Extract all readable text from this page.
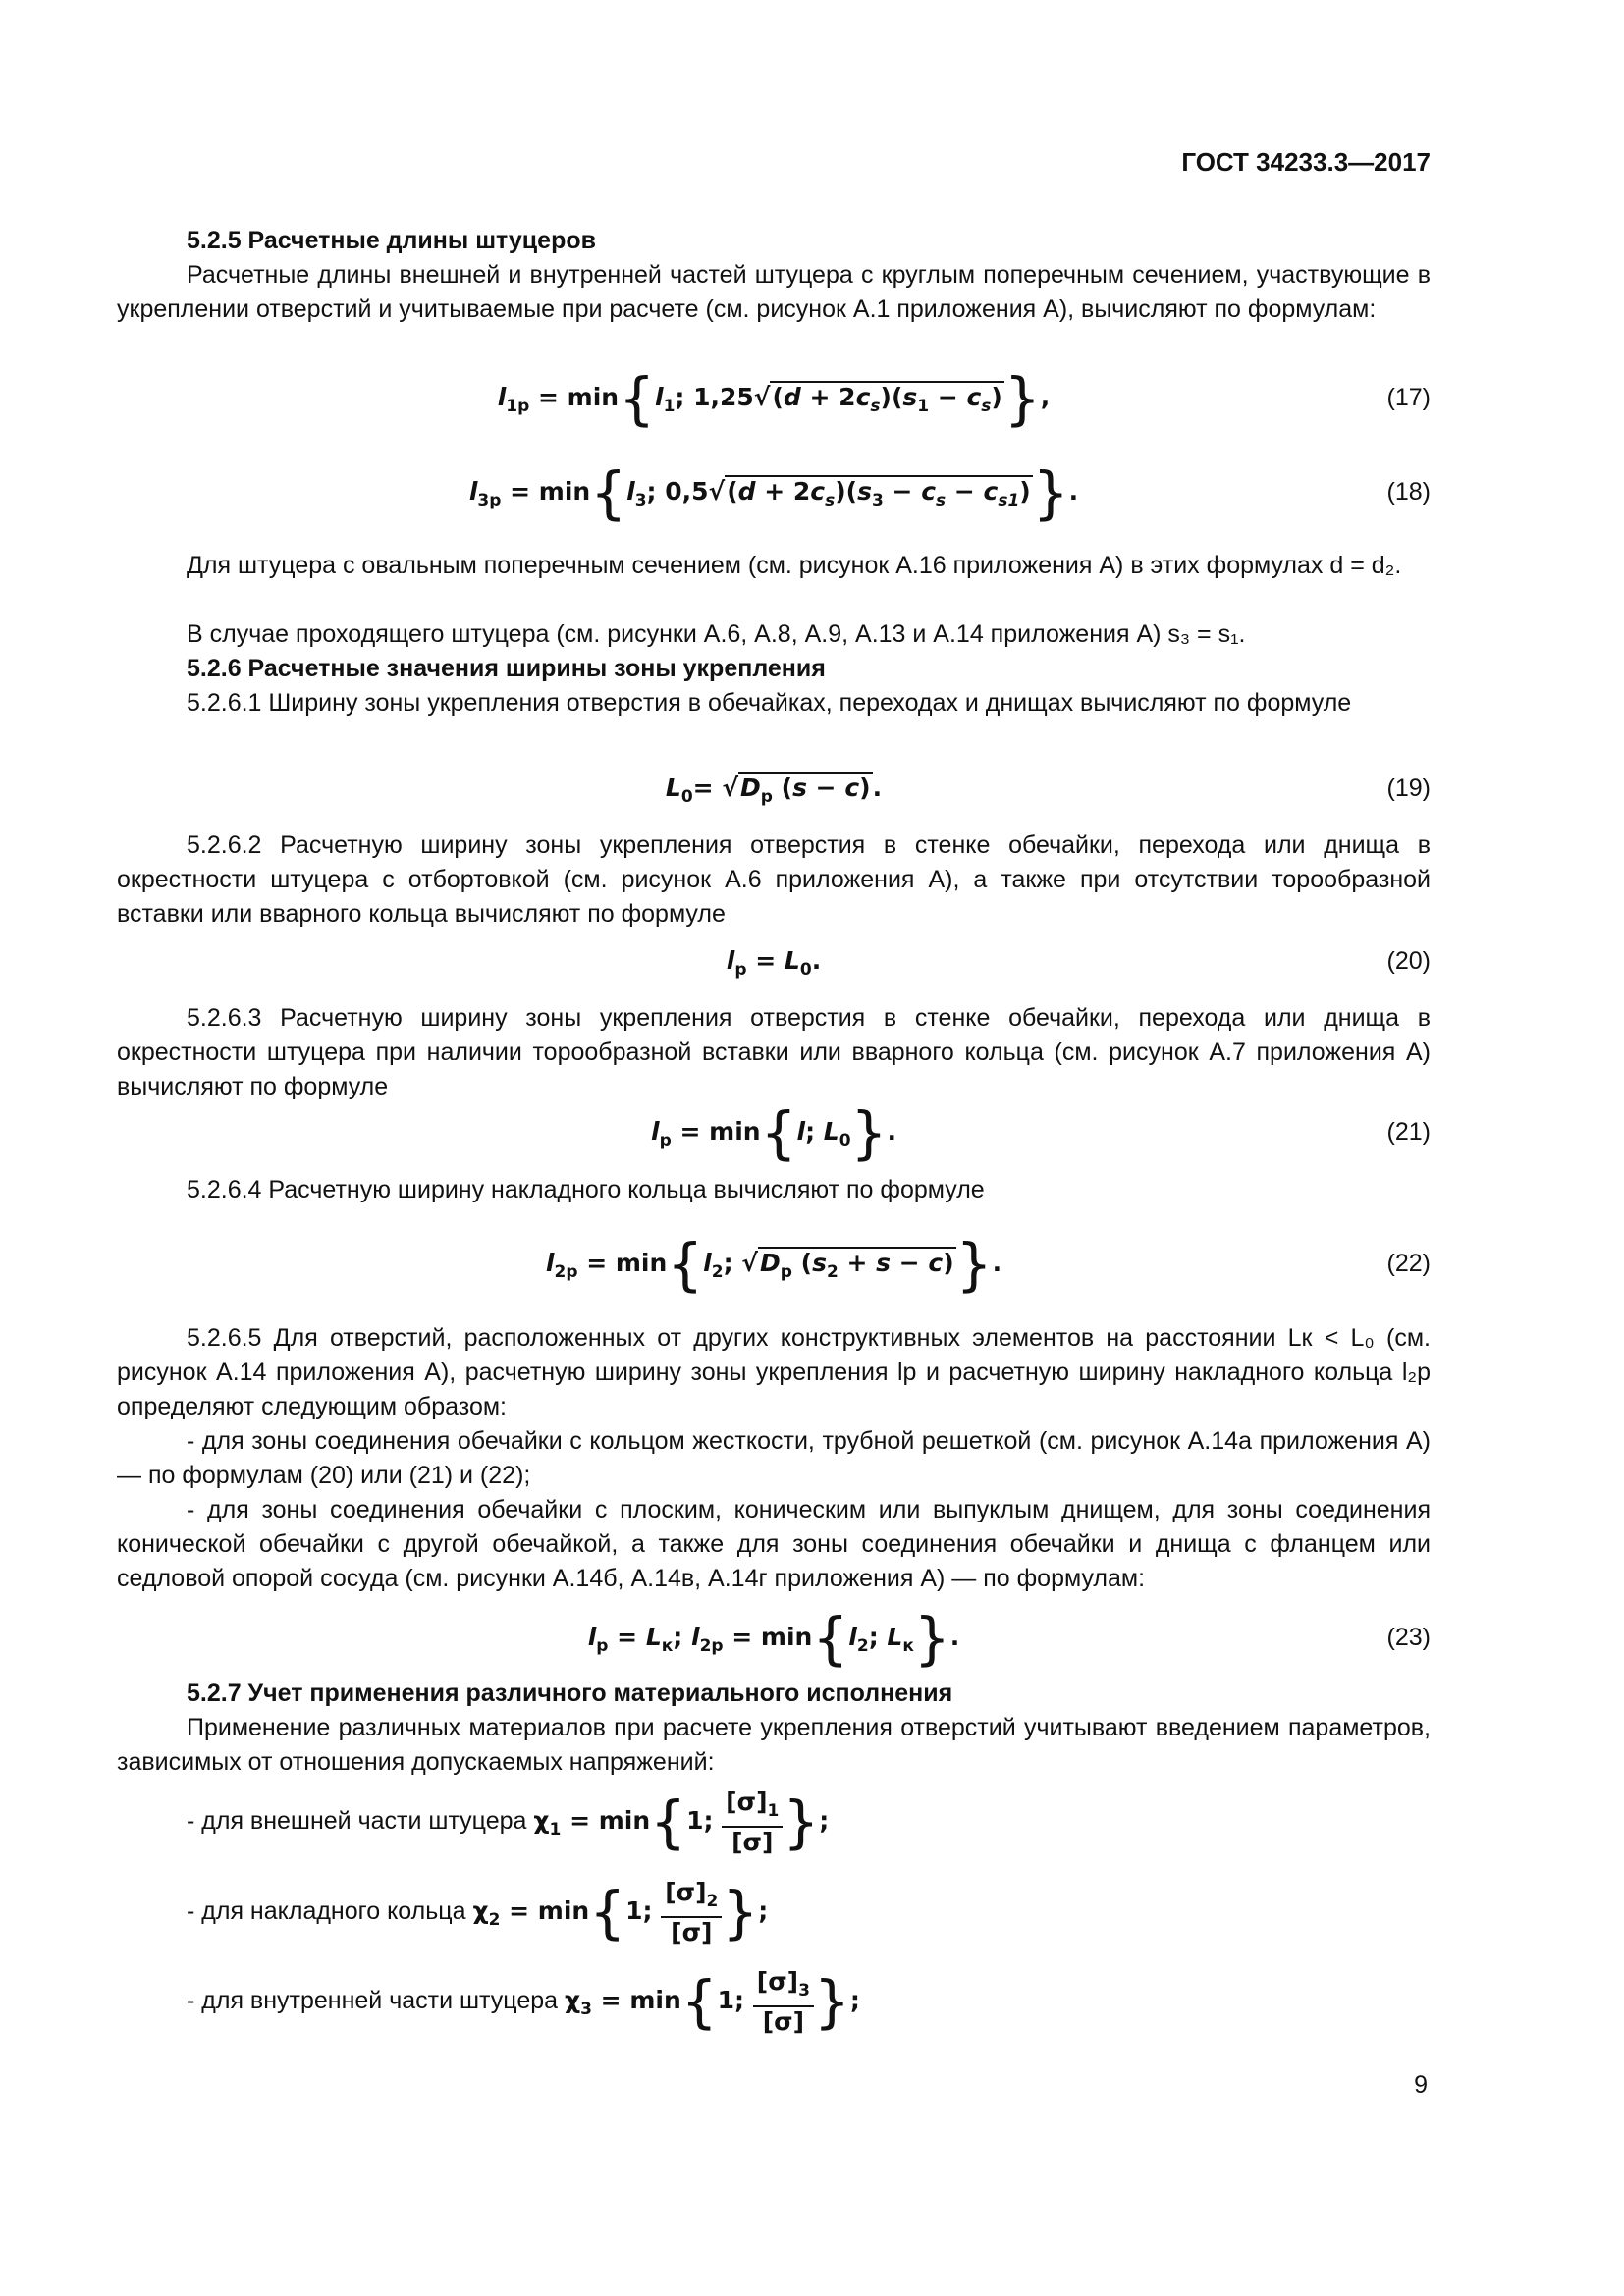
ГОСТ 34233.3—2017

5.2.5 Расчетные длины штуцеров

Расчетные длины внешней и внутренней частей штуцера с круглым поперечным сечением, участвующие в укреплении отверстий и учитываемые при расчете (см. рисунок А.1 приложения А), вычисляют по формулам:

$l_{1р} = \min\{l_1$; $1,25√(d + 2c_s)(s_1 - c_s)$},	(17)
$l_{3р} = \min\{l_3$; $0,5√(d + 2c_s)(s_3 - c_s - c_{s1})$}.	(18)

Для штуцера с овальным поперечным сечением (см. рисунок А.16 приложения А) в этих формулах d = d₂.

В случае проходящего штуцера (см. рисунки А.6, А.8, А.9, А.13 и А.14 приложения А) s₃ = s₁.

5.2.6 Расчетные значения ширины зоны укрепления

5.2.6.1 Ширину зоны укрепления отверстия в обечайках, переходах и днищах вычисляют по формуле

$L_0= √D_р$ (s − c).	(19)

5.2.6.2 Расчетную ширину зоны укрепления отверстия в стенке обечайки, перехода или днища в окрестности штуцера с отбортовкой (см. рисунок А.6 приложения А), а также при отсутствии торообразной вставки или вварного кольца вычисляют по формуле

$l_р = L_0$.	(20)

5.2.6.3 Расчетную ширину зоны укрепления отверстия в стенке обечайки, перехода или днища в окрестности штуцера при наличии торообразной вставки или вварного кольца (см. рисунок А.7 приложения А) вычисляют по формуле

$l_р = \min\{l$; $L_0$}.	(21)

5.2.6.4 Расчетную ширину накладного кольца вычисляют по формуле

$l_{2р} = \min\{l_2$; $√D_р$ $(s_2 + s - c)$}.	(22)

5.2.6.5 Для отверстий, расположенных от других конструктивных элементов на расстоянии Lк < L₀ (см. рисунок А.14 приложения А), расчетную ширину зоны укрепления lр и расчетную ширину накладного кольца l₂р определяют следующим образом:

- для зоны соединения обечайки с кольцом жесткости, трубной решеткой (см. рисунок А.14а приложения А) — по формулам (20) или (21) и (22);

- для зоны соединения обечайки с плоским, коническим или выпуклым днищем, для зоны соединения конической обечайки с другой обечайкой, а также для зоны соединения обечайки и днища с фланцем или седловой опорой сосуда (см. рисунки А.14б, А.14в, А.14г приложения А) — по формулам:

$l_р = L_к$; $l_{2р} = \min\{l_2$; $L_к$}.	(23)

5.2.7 Учет применения различного материального исполнения

Применение различных материалов при расчете укрепления отверстий учитывают введением параметров, зависимых от отношения допускаемых напряжений:

- для внешней части штуцера $\chi_1 = \min\{1$; $\frac{[\sigma]_1}{[\sigma]}$ };
- для накладного кольца $\chi_2 = \min\{1$; $\frac{[\sigma]_2}{[\sigma]}$ };
- для внутренней части штуцера $\chi_3 = \min\{1$; $\frac{[\sigma]_3}{[\sigma]}$ };
9
